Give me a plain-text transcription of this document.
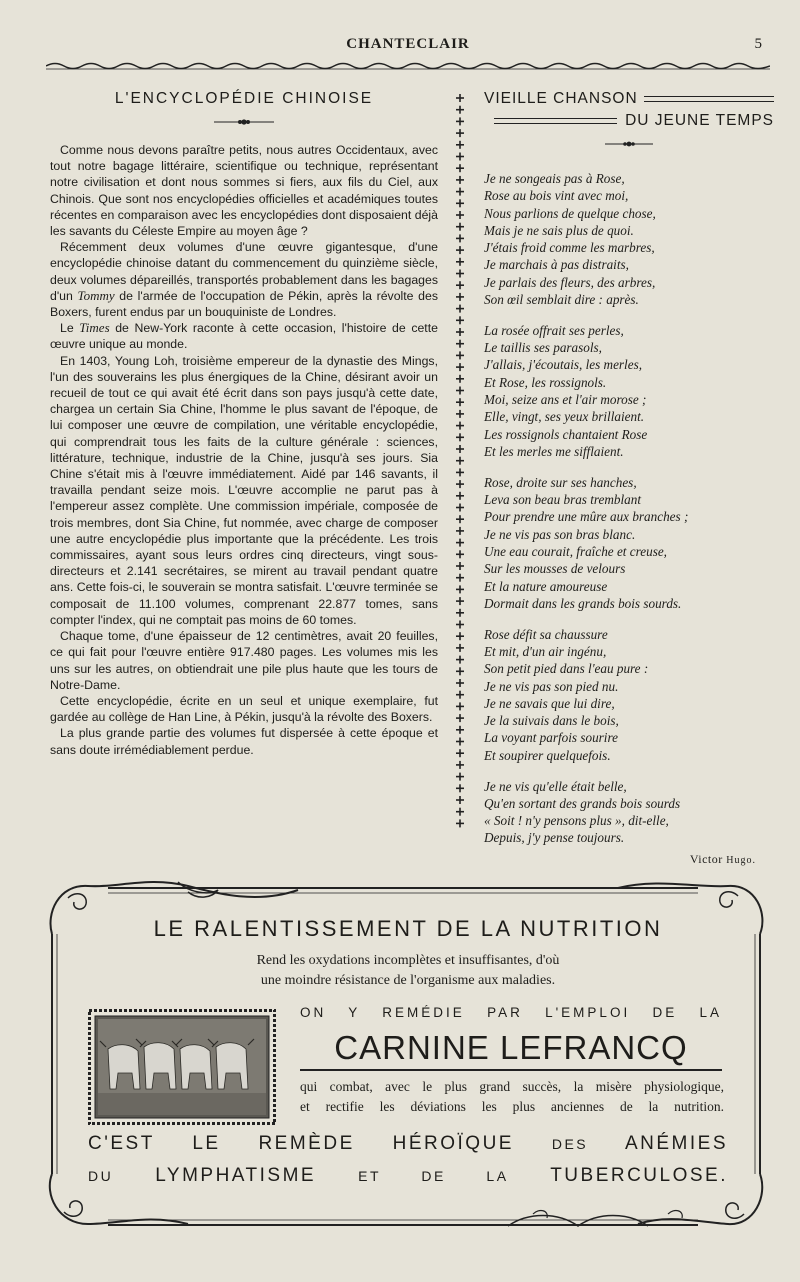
CHANTECLAIR	5
L'ENCYCLOPÉDIE CHINOISE

Comme nous devons paraître petits, nous autres Occidentaux, avec tout notre bagage littéraire, scientifique ou technique, représentant notre civilisation et dont nous sommes si fiers, aux fils du Ciel, aux Chinois. Que sont nos encyclopédies officielles et académiques toutes récentes en comparaison avec les encyclopédies dont disposaient déjà les savants du Céleste Empire au moyen âge ?

Récemment deux volumes d'une œuvre gigantesque, d'une encyclopédie chinoise datant du commencement du quinzième siècle, deux volumes dépareillés, transportés probablement dans les bagages d'un Tommy de l'armée de l'occupation de Pékin, après la révolte des Boxers, furent endus par un bouquiniste de Londres.

Le Times de New-York raconte à cette occasion, l'histoire de cette œuvre unique au monde.

En 1403, Young Loh, troisième empereur de la dynastie des Mings, l'un des souverains les plus énergiques de la Chine, désirant avoir un recueil de tout ce qui avait été écrit dans son pays jusqu'à cette date, chargea un certain Sia Chine, l'homme le plus savant de l'époque, de lui composer une œuvre de compilation, une véritable encyclopédie, qui comprendrait tous les faits de la culture générale : sciences, littérature, technique, industrie de la Chine, jusqu'à ses jours. Sia Chine s'était mis à l'œuvre immédiatement. Aidé par 146 savants, il travailla pendant seize mois. L'œuvre accomplie ne parut pas à l'empereur assez complète. Une commission impériale, composée de trois membres, dont Sia Chine, fut nommée, avec charge de composer une autre encyclopédie plus importante que la précédente. Les trois commissaires, ayant sous leurs ordres cinq directeurs, vingt sous-directeurs et 2.141 secrétaires, se mirent au travail pendant quatre ans. Cette fois-ci, le souverain se montra satisfait. L'œuvre terminée se composait de 11.100 volumes, comprenant 22.877 tomes, sans compter l'index, qui ne comptait pas moins de 60 tomes.

Chaque tome, d'une épaisseur de 12 centimètres, avait 20 feuilles, ce qui fait pour l'œuvre entière 917.480 pages. Les volumes mis les uns sur les autres, on obtiendrait une pile plus haute que les tours de Notre-Dame.

Cette encyclopédie, écrite en un seul et unique exemplaire, fut gardée au collège de Han Line, à Pékin, jusqu'à la révolte des Boxers.

La plus grande partie des volumes fut dispersée à cette époque et sans doute irrémédiablement perdue.

VIEILLE CHANSON
DU JEUNE TEMPS
Je ne songeais pas à Rose,
Rose au bois vint avec moi,
Nous parlions de quelque chose,
Mais je ne sais plus de quoi.
J'étais froid comme les marbres,
Je marchais à pas distraits,
Je parlais des fleurs, des arbres,
Son œil semblait dire : après.
La rosée offrait ses perles,
Le taillis ses parasols,
J'allais, j'écoutais, les merles,
Et Rose, les rossignols.
Moi, seize ans et l'air morose ;
Elle, vingt, ses yeux brillaient.
Les rossignols chantaient Rose
Et les merles me sifflaient.
Rose, droite sur ses hanches,
Leva son beau bras tremblant
Pour prendre une mûre aux branches ;
Je ne vis pas son bras blanc.
Une eau courait, fraîche et creuse,
Sur les mousses de velours
Et la nature amoureuse
Dormait dans les grands bois sourds.
Rose défit sa chaussure
Et mit, d'un air ingénu,
Son petit pied dans l'eau pure :
Je ne vis pas son pied nu.
Je ne savais que lui dire,
Je la suivais dans le bois,
La voyant parfois sourire
Et soupirer quelquefois.
Je ne vis qu'elle était belle,
Qu'en sortant des grands bois sourds
« Soit ! n'y pensons plus », dit-elle,
Depuis, j'y pense toujours.
Victor Hugo.
LE RALENTISSEMENT DE LA NUTRITION
Rend les oxydations incomplètes et insuffisantes, d'où
une moindre résistance de l'organisme aux maladies.
ON Y REMÉDIE PAR L'EMPLOI DE LA
CARNINE LEFRANCQ
qui combat, avec le plus grand succès, la misère physiologique,
et rectifie les déviations les plus anciennes de la nutrition.
C'EST LE REMÈDE HÉROÏQUE	DES ANÉMIES
DU LYMPHATISME	ET DE LA TUBERCULOSE.
